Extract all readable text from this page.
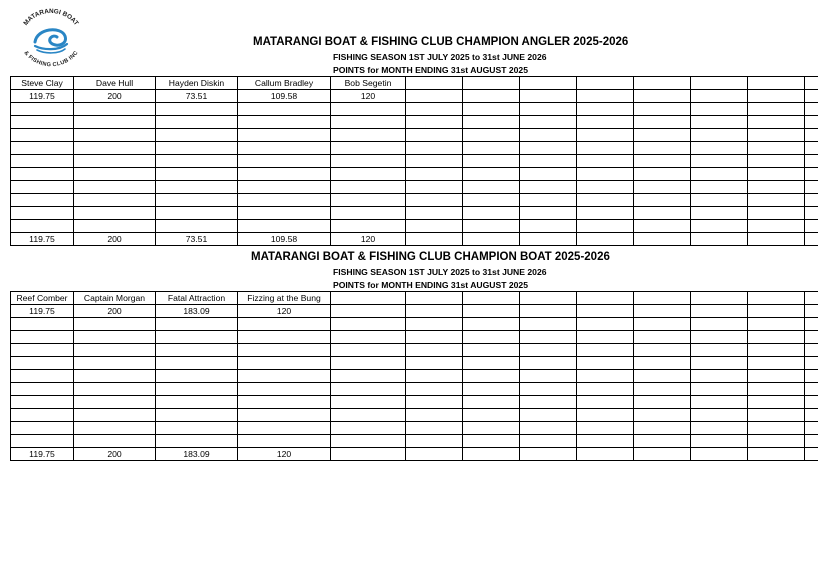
MATARANGI BOAT
& FISHING CLUB INC
MATARANGI BOAT & FISHING CLUB CHAMPION ANGLER 2025-2026
FISHING SEASON 1ST JULY 2025 to 31st JUNE 2026
POINTS for MONTH ENDING 31st AUGUST 2025
Steve Clay	Dave Hull	Hayden Diskin	Callum Bradley	Bob Segetin								
119.75	200	73.51	109.58	120								

119.75	200	73.51	109.58	120								
MATARANGI BOAT & FISHING CLUB CHAMPION BOAT 2025-2026
FISHING SEASON 1ST JULY 2025 to 31st JUNE 2026
POINTS for MONTH ENDING 31st AUGUST 2025
Reef Comber	Captain Morgan	Fatal Attraction	Fizzing at the Bung									
119.75	200	183.09	120									

119.75	200	183.09	120									
